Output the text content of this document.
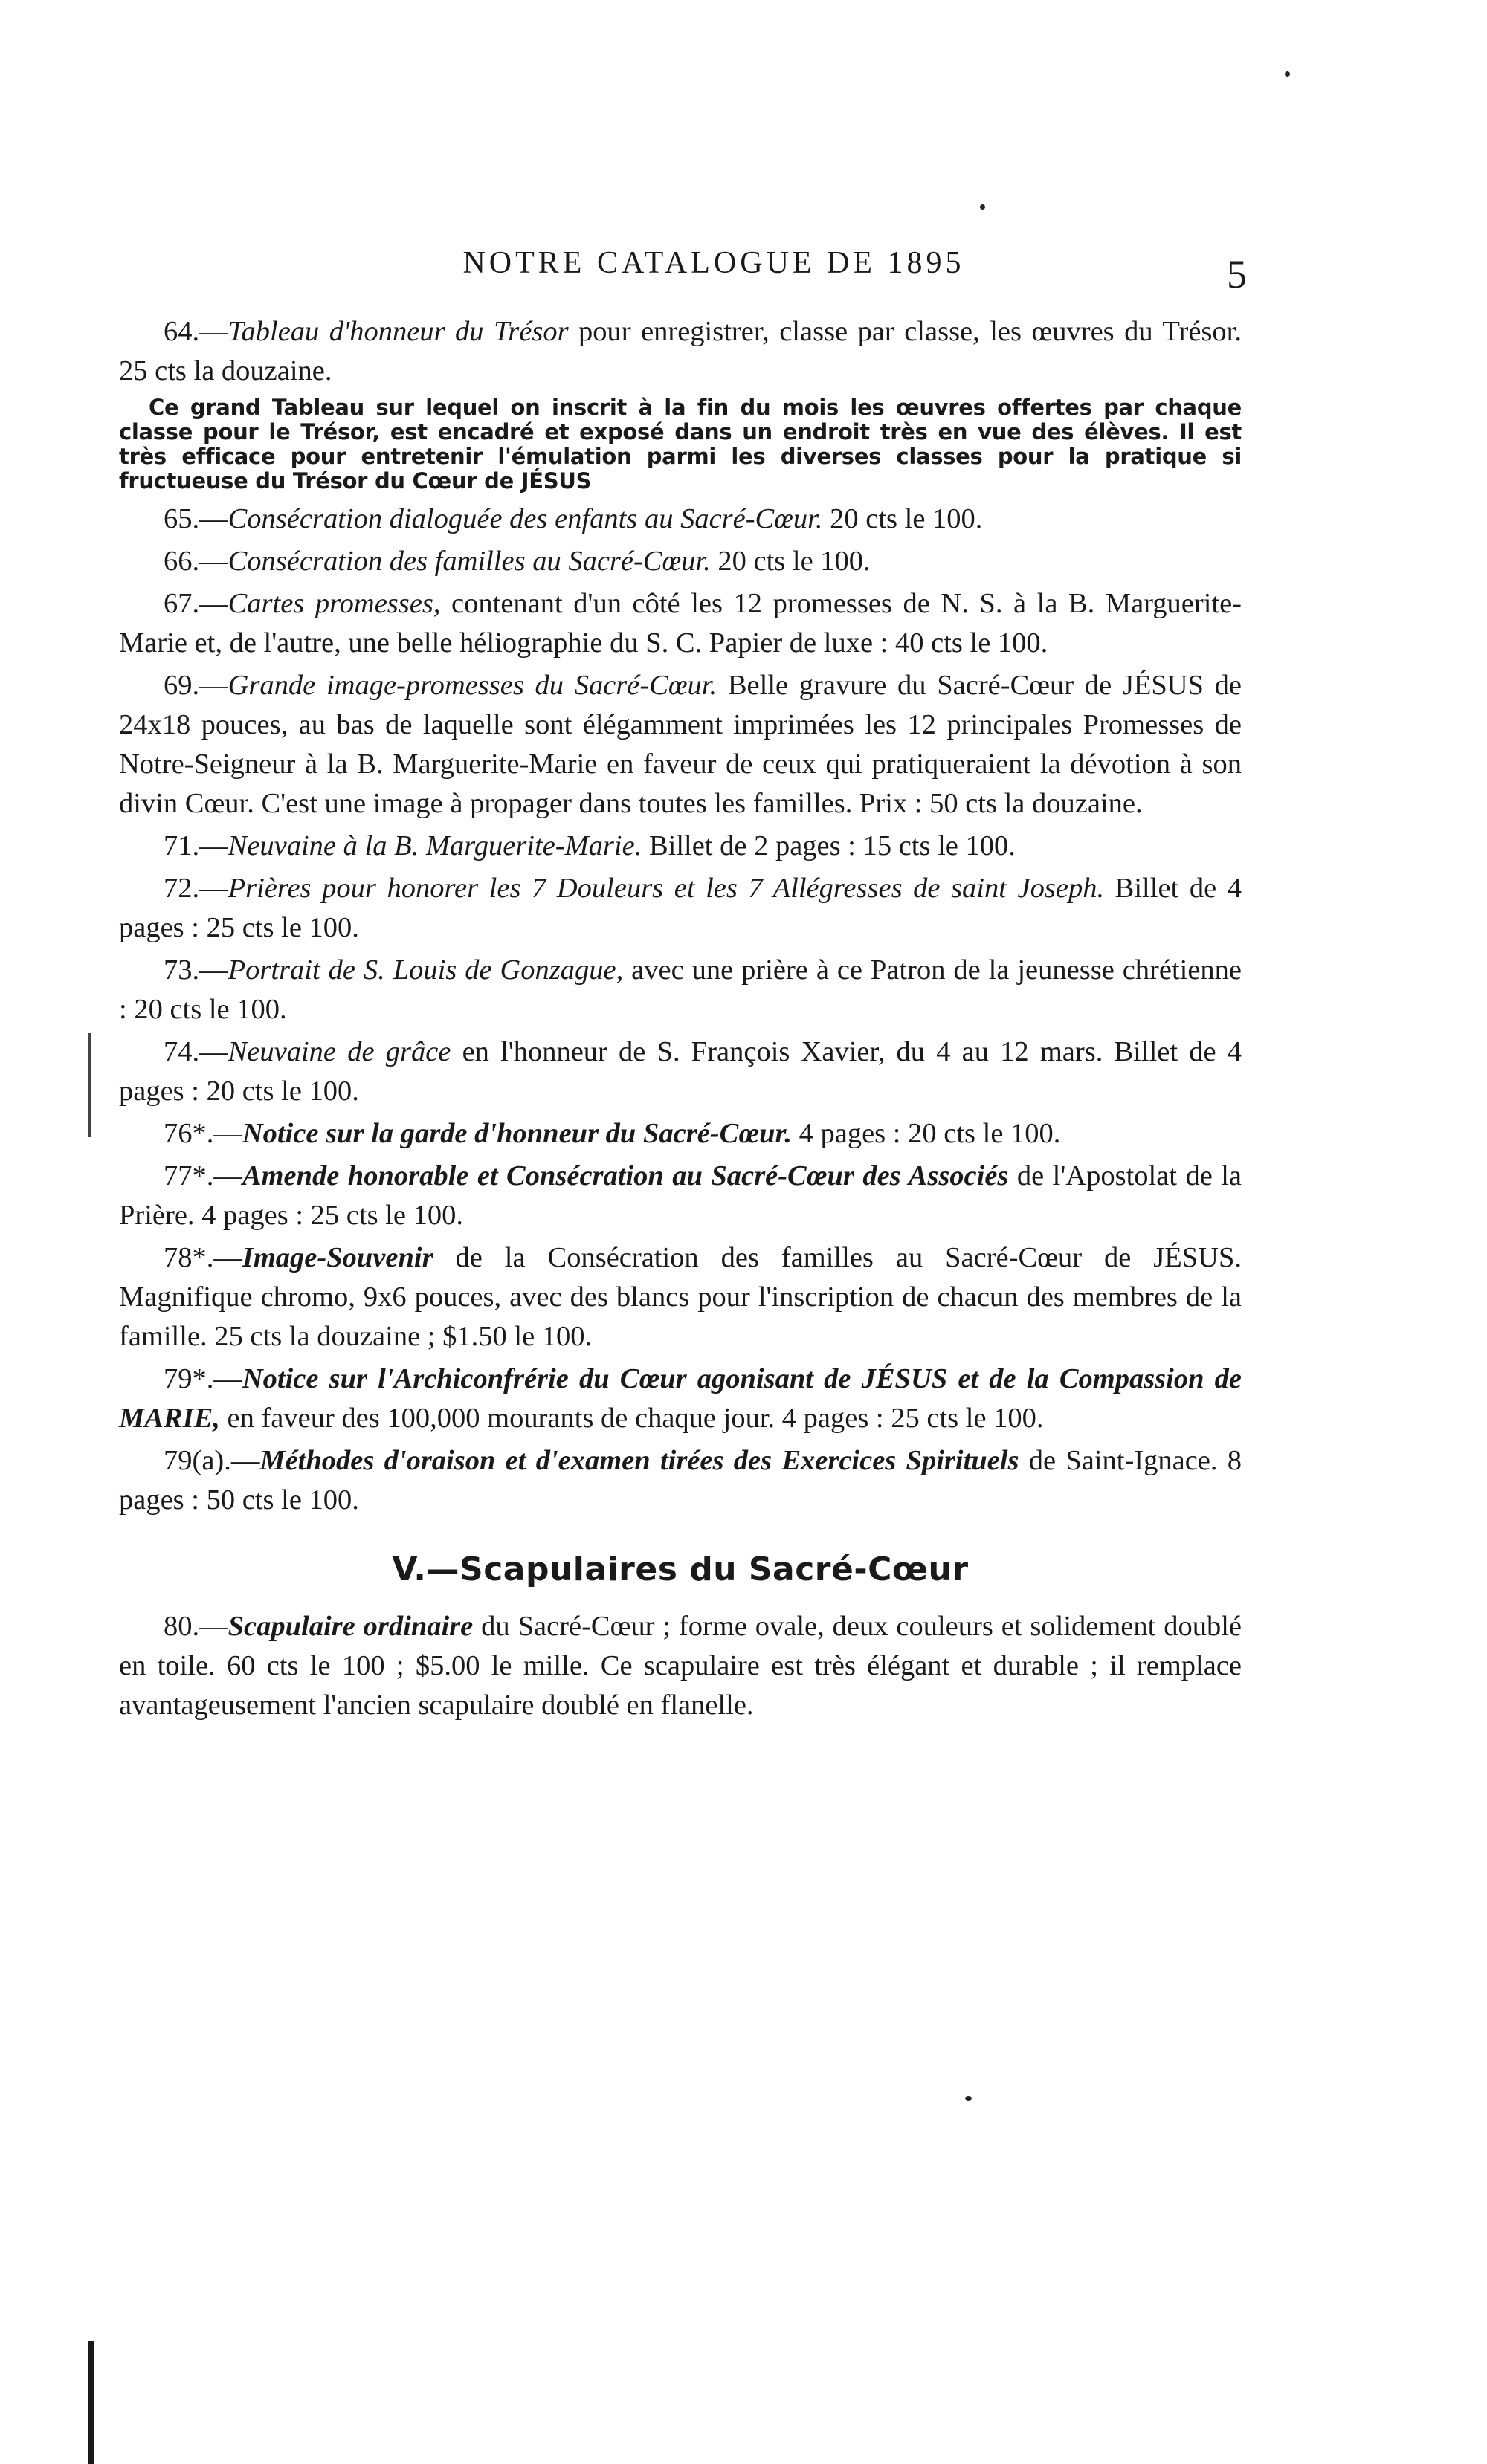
NOTRE CATALOGUE DE 1895	5

64.—Tableau d'honneur du Trésor pour enregistrer, classe par classe, les œuvres du Trésor. 25 cts la douzaine.

Ce grand Tableau sur lequel on inscrit à la fin du mois les œuvres offertes par chaque classe pour le Trésor, est encadré et exposé dans un endroit très en vue des élèves. Il est très efficace pour entretenir l'émulation parmi les diverses classes pour la pratique si fructueuse du Trésor du Cœur de JÉSUS

65.—Consécration dialoguée des enfants au Sacré-Cœur. 20 cts le 100.

66.—Consécration des familles au Sacré-Cœur. 20 cts le 100.

67.—Cartes promesses, contenant d'un côté les 12 promesses de N. S. à la B. Marguerite-Marie et, de l'autre, une belle héliographie du S. C. Papier de luxe : 40 cts le 100.

69.—Grande image-promesses du Sacré-Cœur. Belle gravure du Sacré-Cœur de JÉSUS de 24x18 pouces, au bas de laquelle sont élégamment imprimées les 12 principales Promesses de Notre-Seigneur à la B. Marguerite-Marie en faveur de ceux qui pratiqueraient la dévotion à son divin Cœur. C'est une image à propager dans toutes les familles. Prix : 50 cts la douzaine.

71.—Neuvaine à la B. Marguerite-Marie. Billet de 2 pages : 15 cts le 100.

72.—Prières pour honorer les 7 Douleurs et les 7 Allégresses de saint Joseph. Billet de 4 pages : 25 cts le 100.

73.—Portrait de S. Louis de Gonzague, avec une prière à ce Patron de la jeunesse chrétienne : 20 cts le 100.

74.—Neuvaine de grâce en l'honneur de S. François Xavier, du 4 au 12 mars. Billet de 4 pages : 20 cts le 100.

76*.—Notice sur la garde d'honneur du Sacré-Cœur. 4 pages : 20 cts le 100.

77*.—Amende honorable et Consécration au Sacré-Cœur des Associés de l'Apostolat de la Prière. 4 pages : 25 cts le 100.

78*.—Image-Souvenir de la Consécration des familles au Sacré-Cœur de JÉSUS. Magnifique chromo, 9x6 pouces, avec des blancs pour l'inscription de chacun des membres de la famille. 25 cts la douzaine ; $1.50 le 100.

79*.—Notice sur l'Archiconfrérie du Cœur agonisant de JÉSUS et de la Compassion de MARIE, en faveur des 100,000 mourants de chaque jour. 4 pages : 25 cts le 100.

79(a).—Méthodes d'oraison et d'examen tirées des Exercices Spirituels de Saint-Ignace. 8 pages : 50 cts le 100.

V.—Scapulaires du Sacré-Cœur

80.—Scapulaire ordinaire du Sacré-Cœur ; forme ovale, deux couleurs et solidement doublé en toile. 60 cts le 100 ; $5.00 le mille. Ce scapulaire est très élégant et durable ; il remplace avantageusement l'ancien scapulaire doublé en flanelle.
